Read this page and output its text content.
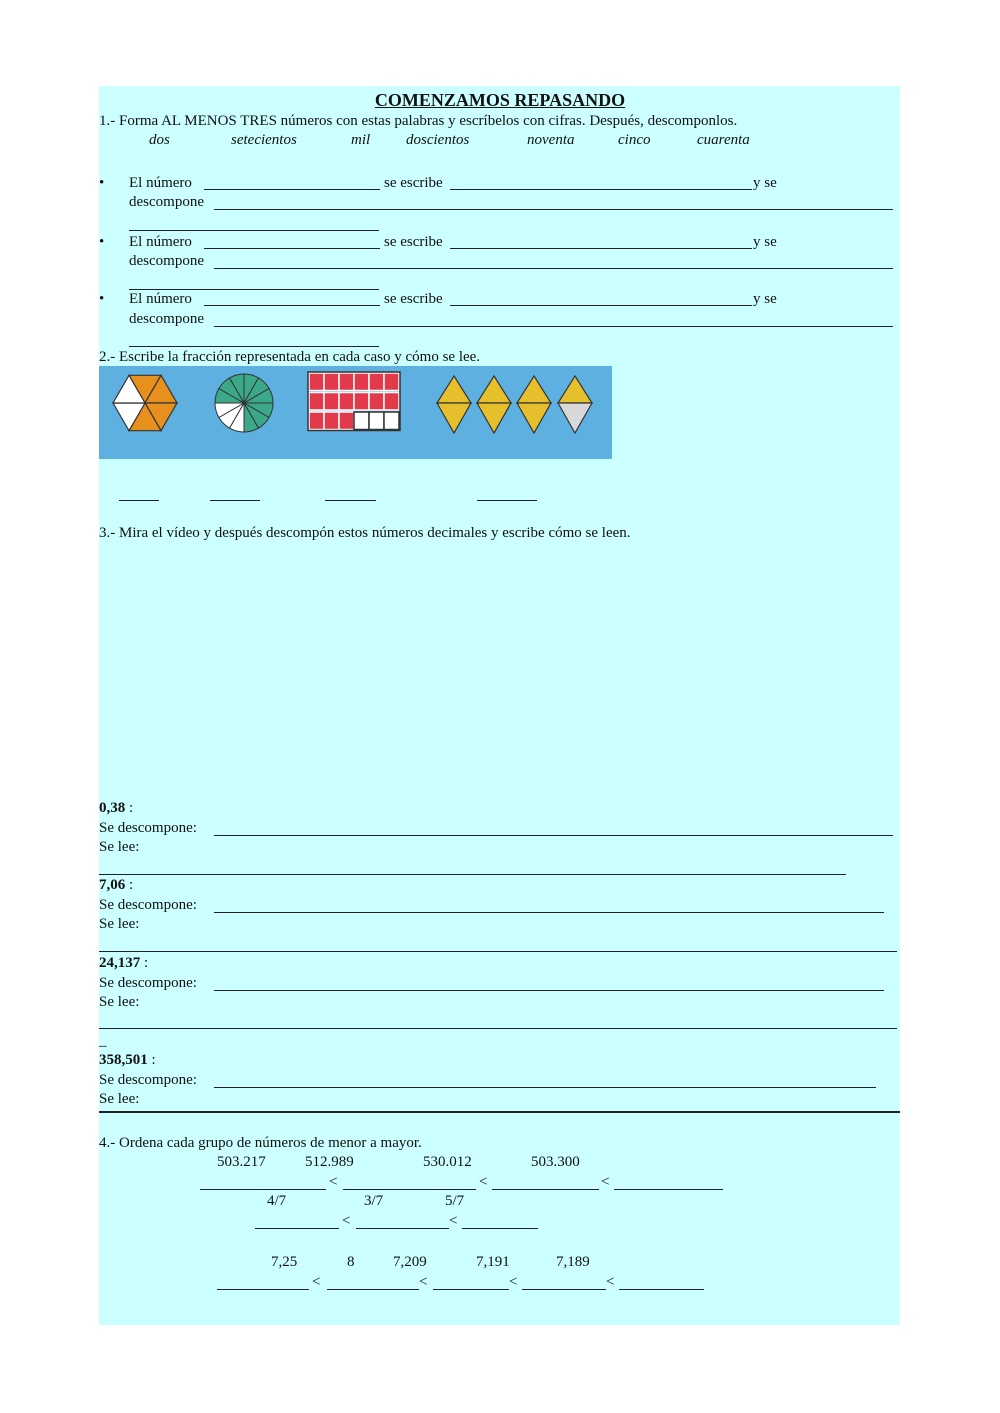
COMENZAMOS REPASANDO
1.- Forma AL MENOS TRES números con estas palabras y escríbelos con cifras. Después, descomponlos.
dos	setecientos	mil doscientos	noventa	cinco	cuarenta
• El número	se escribe	y se
descompone
• El número	se escribe	y se
descompone
• El número	se escribe	y se
descompone
2.- Escribe la fracción representada en cada caso y cómo se lee.
3.- Mira el vídeo y después descompón estos números decimales y escribe cómo se leen.
0,38 :
Se descompone:
Se lee:
7,06 :
Se descompone:
Se lee:
24,137 :
Se descompone:
Se lee:
_
358,501 :
Se descompone:
Se lee:
4.- Ordena cada grupo de números de menor a mayor.
503.217	512.989	530.012	503.300
<	<	<
4/7	3/7	5/7
<	<
7,25	8	7,209	7,191	7,189
<	<	<	<
